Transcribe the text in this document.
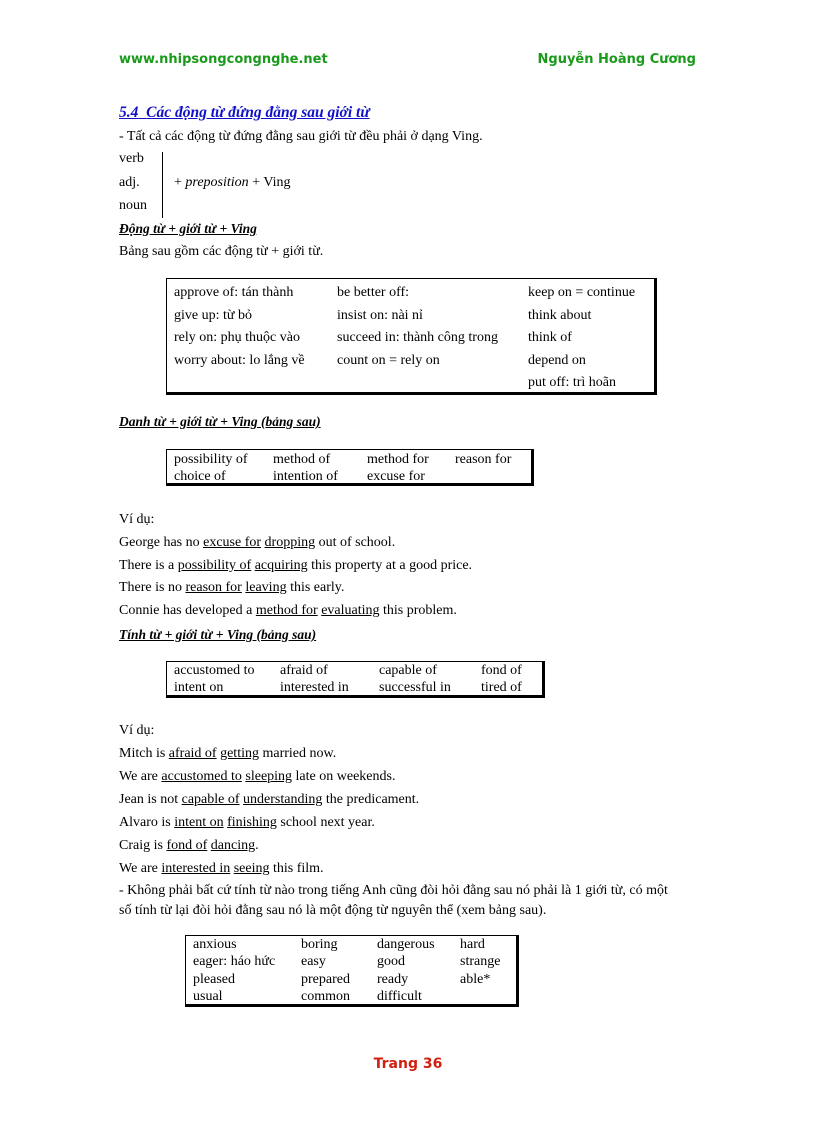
www.nhipsongcongnghe.net	Nguyễn Hoàng Cương
5.4 Các động từ đứng đằng sau giới từ
- Tất cả các động từ đứng đằng sau giới từ đều phải ở dạng Ving.
verb
adj.
noun
+ preposition + Ving
Động từ + giới từ + Ving
Bảng sau gồm các động từ + giới từ.
approve of: tán thành
give up: từ bỏ
rely on: phụ thuộc vào
worry about: lo lắng về
be better off:
insist on: nài nỉ
succeed in: thành công trong
count on = rely on
keep on = continue
think about
think of
depend on
put off: trì hoãn
Danh từ + giới từ + Ving (bảng sau)
possibility of
choice of
method of
intention of
method for
excuse for
reason for
Ví dụ:
George has no excuse for dropping out of school.
There is a possibility of acquiring this property at a good price.
There is no reason for leaving this early.
Connie has developed a method for evaluating this problem.
Tính từ + giới từ + Ving (bảng sau)
accustomed to
intent on
afraid of
interested in
capable of
successful in
fond of
tired of
Ví dụ:
Mitch is afraid of getting married now.
We are accustomed to sleeping late on weekends.
Jean is not capable of understanding the predicament.
Alvaro is intent on finishing school next year.
Craig is fond of dancing.
We are interested in seeing this film.
- Không phải bất cứ tính từ nào trong tiếng Anh cũng đòi hỏi đằng sau nó phải là 1 giới từ, có một
số tính từ lại đòi hỏi đằng sau nó là một động từ nguyên thể (xem bảng sau).
anxious
eager: háo hức
pleased
usual
boring
easy
prepared
common
dangerous
good
ready
difficult
hard
strange
able*
Trang 36
